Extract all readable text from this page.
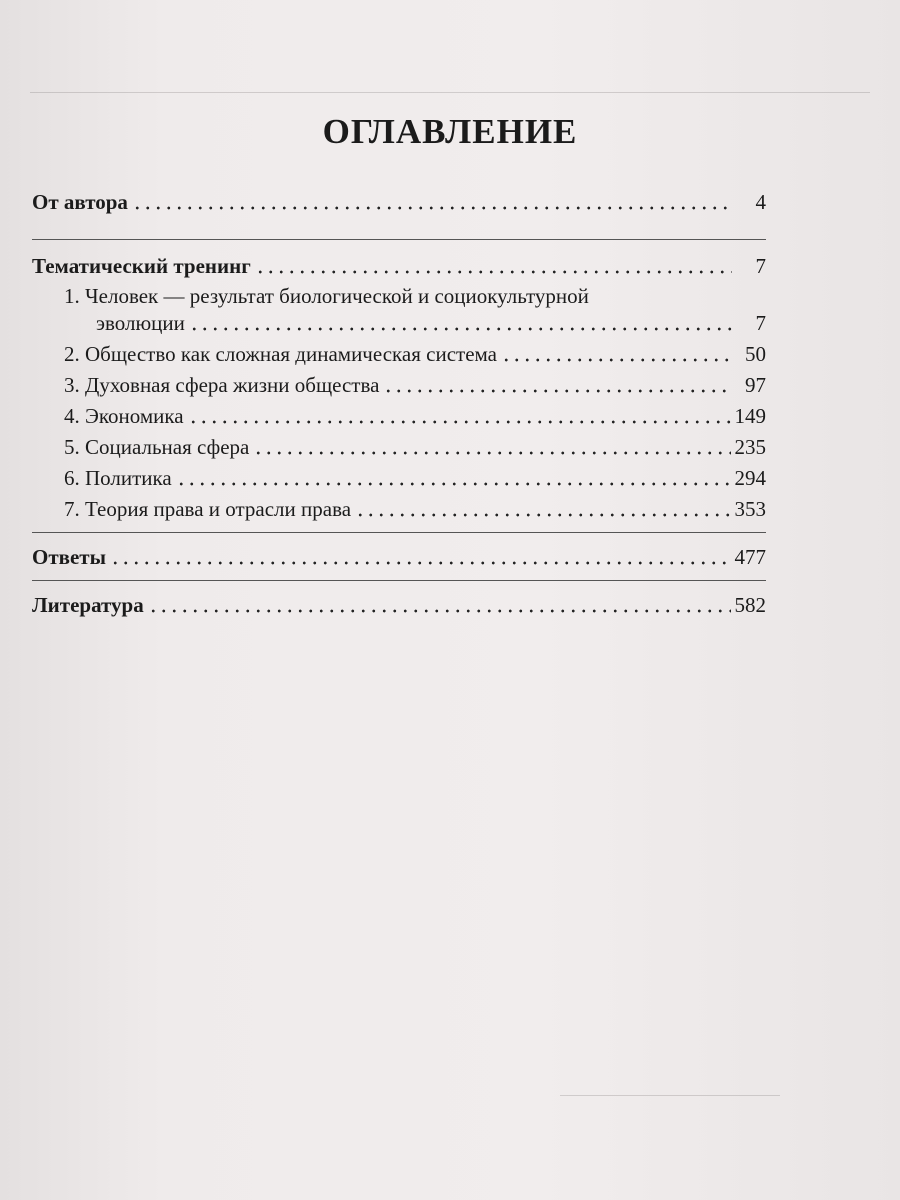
ОГЛАВЛЕНИЕ
От автора	4
Тематический тренинг	7
1. Человек — результат биологической и социокультурной
эволюции	7
2. Общество как сложная динамическая система	50
3. Духовная сфера жизни общества	97
4. Экономика	149
5. Социальная сфера	235
6. Политика	294
7. Теория права и отрасли права	353
Ответы	477
Литература	582
